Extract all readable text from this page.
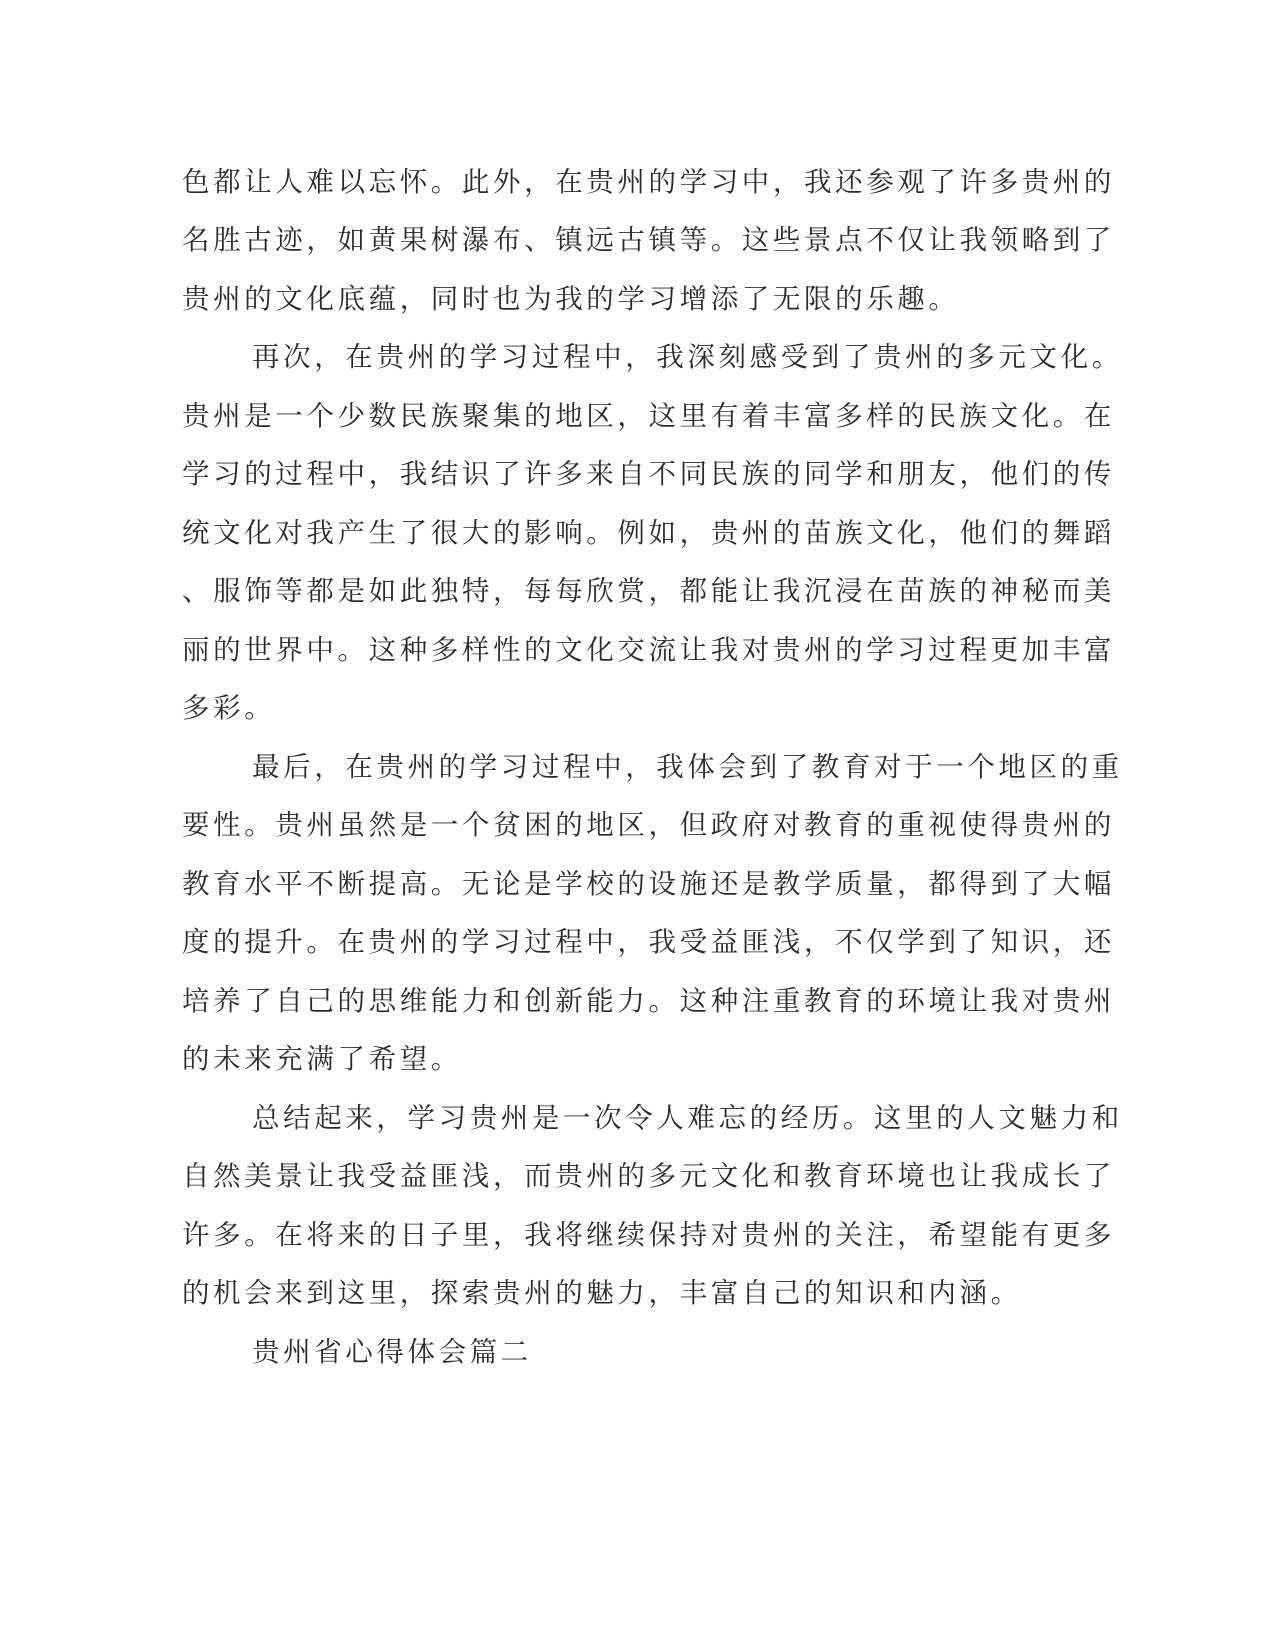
色都让人难以忘怀。此外，在贵州的学习中，我还参观了许多贵州的
名胜古迹，如黄果树瀑布、镇远古镇等。这些景点不仅让我领略到了
贵州的文化底蕴，同时也为我的学习增添了无限的乐趣。
再次，在贵州的学习过程中，我深刻感受到了贵州的多元文化。
贵州是一个少数民族聚集的地区，这里有着丰富多样的民族文化。在
学习的过程中，我结识了许多来自不同民族的同学和朋友，他们的传
统文化对我产生了很大的影响。例如，贵州的苗族文化，他们的舞蹈
、服饰等都是如此独特，每每欣赏，都能让我沉浸在苗族的神秘而美
丽的世界中。这种多样性的文化交流让我对贵州的学习过程更加丰富
多彩。
最后，在贵州的学习过程中，我体会到了教育对于一个地区的重
要性。贵州虽然是一个贫困的地区，但政府对教育的重视使得贵州的
教育水平不断提高。无论是学校的设施还是教学质量，都得到了大幅
度的提升。在贵州的学习过程中，我受益匪浅，不仅学到了知识，还
培养了自己的思维能力和创新能力。这种注重教育的环境让我对贵州
的未来充满了希望。
总结起来，学习贵州是一次令人难忘的经历。这里的人文魅力和
自然美景让我受益匪浅，而贵州的多元文化和教育环境也让我成长了
许多。在将来的日子里，我将继续保持对贵州的关注，希望能有更多
的机会来到这里，探索贵州的魅力，丰富自己的知识和内涵。
贵州省心得体会篇二
